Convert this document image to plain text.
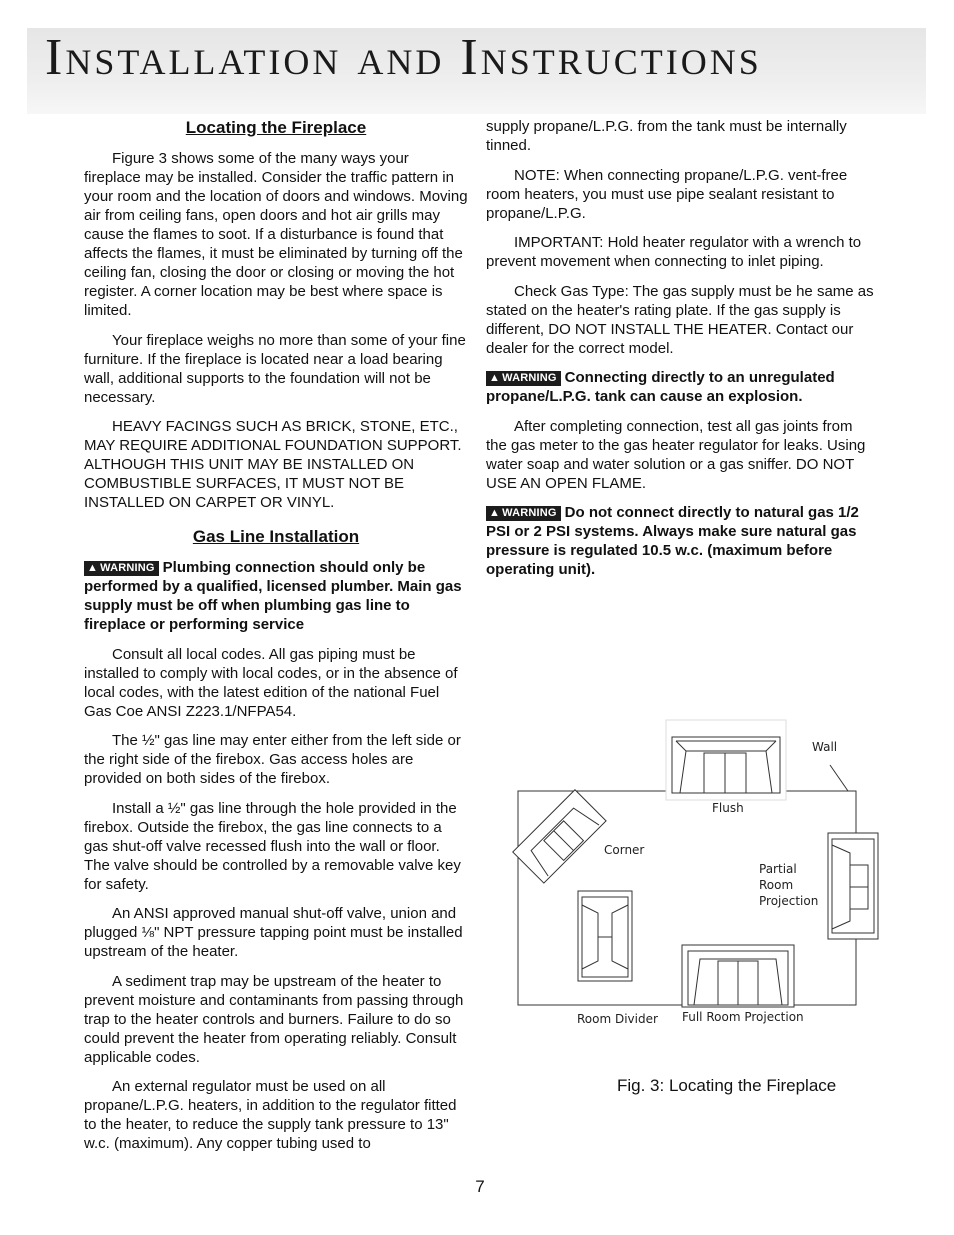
Installation and Instructions
Locating the Fireplace

Figure 3 shows some of the many ways your fireplace may be installed. Consider the traffic pattern in your room and the location of doors and windows. Moving air from ceiling fans, open doors and hot air grills may cause the flames to soot. If a disturbance is found that affects the flames, it must be eliminated by turning off the ceiling fan, closing the door or closing or moving the hot register. A corner location may be best where space is limited.

Your fireplace weighs no more than some of your fine furniture. If the fireplace is located near a load bearing wall, additional supports to the foundation will not be necessary.

HEAVY FACINGS SUCH AS BRICK, STONE, ETC., MAY REQUIRE ADDITIONAL FOUNDATION SUPPORT. ALTHOUGH THIS UNIT MAY BE INSTALLED ON COMBUSTIBLE SURFACES, IT MUST NOT BE INSTALLED ON CARPET OR VINYL.

Gas Line Installation

▲ WARNING Plumbing connection should only be performed by a qualified, licensed plumber. Main gas supply must be off when plumbing gas line to fireplace or performing service

Consult all local codes. All gas piping must be installed to comply with local codes, or in the absence of local codes, with the latest edition of the national Fuel Gas Coe ANSI Z223.1/NFPA54.

The ½" gas line may enter either from the left side or the right side of the firebox. Gas access holes are provided on both sides of the firebox.

Install a ½" gas line through the hole provided in the firebox. Outside the firebox, the gas line connects to a gas shut-off valve recessed flush into the wall or floor. The valve should be controlled by a removable valve key for safety.

An ANSI approved manual shut-off valve, union and plugged ⅛" NPT pressure tapping point must be installed upstream of the heater.

A sediment trap may be upstream of the heater to prevent moisture and contaminants from passing through trap to the heater controls and burners. Failure to do so could prevent the heater from operating reliably. Consult applicable codes.

An external regulator must be used on all propane/L.P.G. heaters, in addition to the regulator fitted to the heater, to reduce the supply tank pressure to 13" w.c. (maximum). Any copper tubing used to

supply propane/L.P.G. from the tank must be internally tinned.

NOTE: When connecting propane/L.P.G. vent-free room heaters, you must use pipe sealant resistant to propane/L.P.G.

IMPORTANT: Hold heater regulator with a wrench to prevent movement when connecting to inlet piping.

Check Gas Type: The gas supply must be he same as stated on the heater's rating plate. If the gas supply is different, DO NOT INSTALL THE HEATER. Contact our dealer for the correct model.

▲ WARNING Connecting directly to an unregulated propane/L.P.G. tank can cause an explosion.

After completing connection, test all gas joints from the gas meter to the gas heater regulator for leaks. Using water soap and water solution or a gas sniffer. DO NOT USE AN OPEN FLAME.

▲ WARNING Do not connect directly to natural gas 1/2 PSI or 2 PSI systems. Always make sure natural gas pressure is regulated 10.5 w.c. (maximum before operating unit).

Wall
Flush
Corner
Partial
Room
Projection
Room Divider Full Room Projection
Fig. 3: Locating the Fireplace
7
